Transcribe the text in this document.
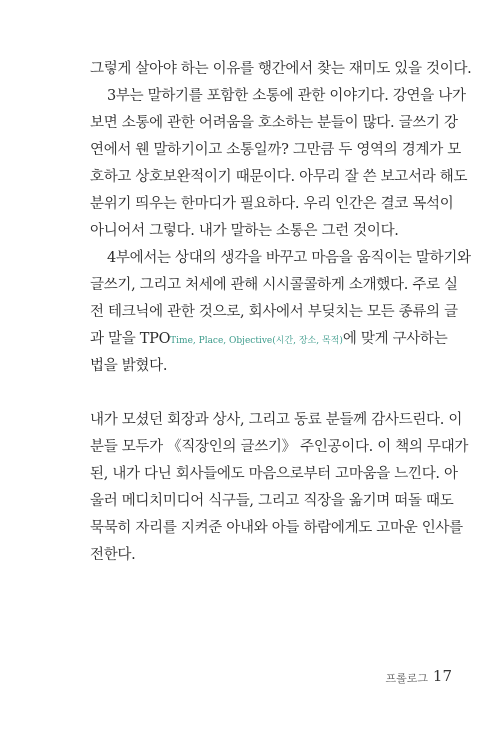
그렇게 살아야 하는 이유를 행간에서 찾는 재미도 있을 것이다.
3부는 말하기를 포함한 소통에 관한 이야기다. 강연을 나가
보면 소통에 관한 어려움을 호소하는 분들이 많다. 글쓰기 강
연에서 웬 말하기이고 소통일까? 그만큼 두 영역의 경계가 모
호하고 상호보완적이기 때문이다. 아무리 잘 쓴 보고서라 해도
분위기 띄우는 한마디가 필요하다. 우리 인간은 결코 목석이
아니어서 그렇다. 내가 말하는 소통은 그런 것이다.
4부에서는 상대의 생각을 바꾸고 마음을 움직이는 말하기와
글쓰기, 그리고 처세에 관해 시시콜콜하게 소개했다. 주로 실
전 테크닉에 관한 것으로, 회사에서 부딪치는 모든 종류의 글
과 말을 TPOTime, Place, Objective(시간, 장소, 목적)에 맞게 구사하는
법을 밝혔다.
내가 모셨던 회장과 상사, 그리고 동료 분들께 감사드린다. 이
분들 모두가 《직장인의 글쓰기》 주인공이다. 이 책의 무대가
된, 내가 다닌 회사들에도 마음으로부터 고마움을 느낀다. 아
울러 메디치미디어 식구들, 그리고 직장을 옮기며 떠돌 때도
묵묵히 자리를 지켜준 아내와 아들 하람에게도 고마운 인사를
전한다.
프롤로그 17
